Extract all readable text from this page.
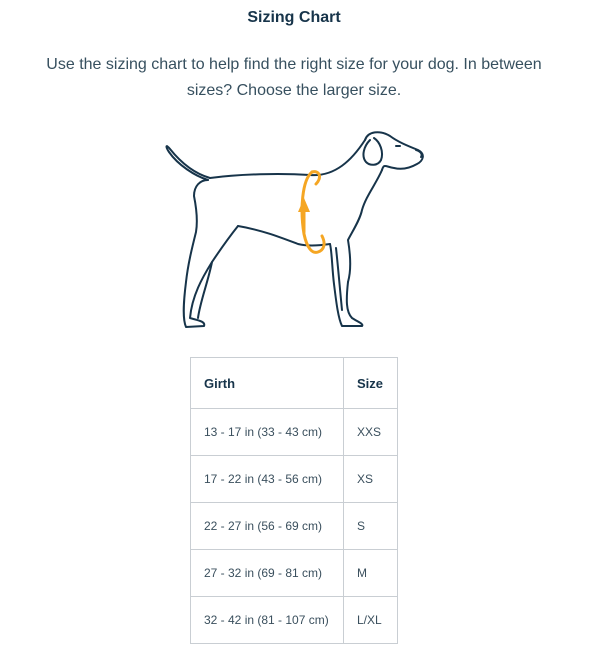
Sizing Chart
Use the sizing chart to help find the right size for your dog. In between sizes? Choose the larger size.
Girth	Size
13 - 17 in (33 - 43 cm)	XXS
17 - 22 in (43 - 56 cm)	XS
22 - 27 in (56 - 69 cm)	S
27 - 32 in (69 - 81 cm)	M
32 - 42 in (81 - 107 cm)	L/XL
